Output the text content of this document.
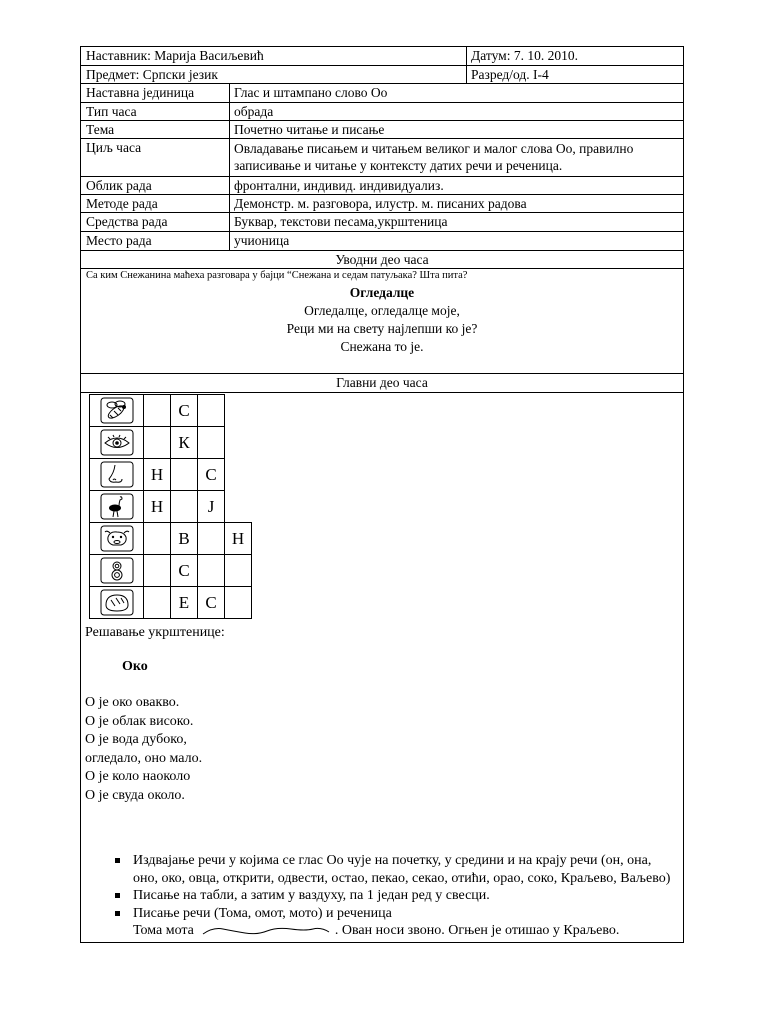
Наставник: Марија Васиљевић	Датум: 7. 10. 2010.
Предмет: Српски језик	Разред/од. I-4
Наставна јединица	Глас и штампано слово Оо
Тип часа	обрада
Тема	Почетно читање и писање
Циљ часа	Овладавање писањем и читањем великог и малог слова Оо, правилно
записивање и читање у контексту датих речи и реченица.
Облик рада	фронтални, индивид. индивидуализ.
Методе рада	Демонстр. м. разговора, илустр. м. писаних радова
Средства рада	Буквар, текстови песама,укрштеница
Место рада	учионица
Уводни део часа
Са ким Снежанина маћеха разговара у бајци “Снежана и седам патуљака? Шта пита?
Огледалце
Огледалце, огледалце моје,
Реци ми на свету најлепши ко је?
Снежана то је.
Главни део часа
		С		

		К		

	Н		С	

	Н		Ј	

		В		Н

		С		

		Е	С	
Решавање укрштенице:
Око
О је око овакво.
О је облак високо.
О је вода дубоко,
огледало, оно мало.
О је коло наоколо
О је свуда около.
Издвајање речи у којима се глас Оо чује на почетку, у средини и на крају речи (он, она,
оно, око, овца, открити, одвести, остао, пекао, секао, отићи, орао, соко, Краљево, Ваљево)
Писање на табли, а затим у ваздуху, па 1 један ред у свесци.
Писање речи (Тома, омот, мото) и реченица
Тома мота	. Ован носи звоно. Огњен је отишао у Краљево.
